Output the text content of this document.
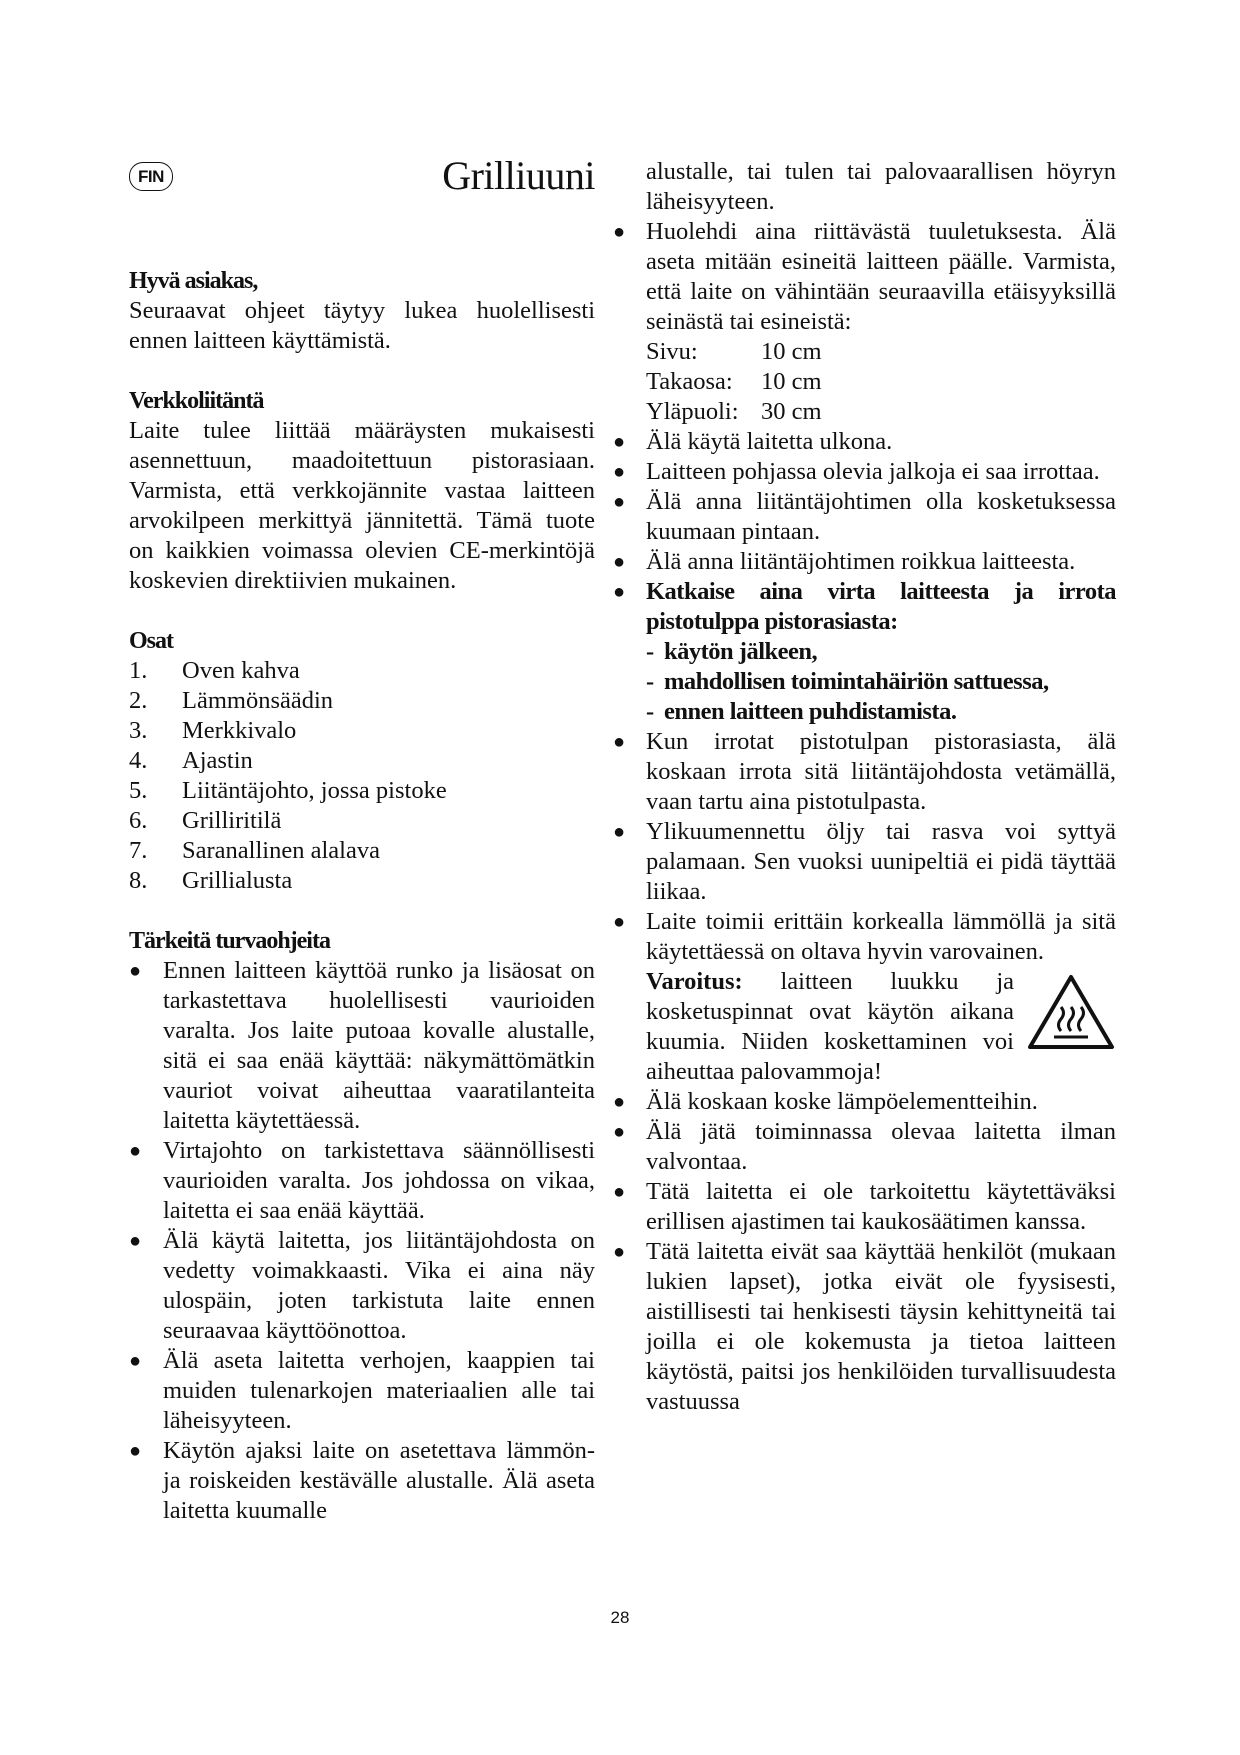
FIN	Grilliuuni
Hyvä asiakas,

Seuraavat ohjeet täytyy lukea huolellisesti ennen laitteen käyttämistä.

Verkkoliitäntä

Laite tulee liittää määräysten mukaisesti asennettuun, maadoitettuun pistorasiaan. Varmista, että verkkojännite vastaa laitteen arvokilpeen merkittyä jännitettä. Tämä tuote on kaikkien voimassa olevien CE-merkintöjä koskevien direktiivien mukainen.

Osat
1.	Oven kahva
2.	Lämmönsäädin
3.	Merkkivalo
4.	Ajastin
5.	Liitäntäjohto, jossa pistoke
6.	Grilliritilä
7.	Saranallinen alalava
8.	Grillialusta
Tärkeitä turvaohjeita
● Ennen laitteen käyttöä runko ja lisäosat on tarkastettava huolellisesti vaurioiden varalta. Jos laite putoaa kovalle alustalle, sitä ei saa enää käyttää: näkymättömätkin vauriot voivat aiheuttaa vaaratilanteita laitetta käytettäessä.
● Virtajohto on tarkistettava säännöllisesti vaurioiden varalta. Jos johdossa on vikaa, laitetta ei saa enää käyttää.
● Älä käytä laitetta, jos liitäntäjohdosta on vedetty voimakkaasti. Vika ei aina näy ulospäin, joten tarkistuta laite ennen seuraavaa käyttöönottoa.
● Älä aseta laitetta verhojen, kaappien tai muiden tulenarkojen materiaalien alle tai läheisyyteen.
● Käytön ajaksi laite on asetettava lämmön- ja roiskeiden kestävälle alustalle. Älä aseta laitetta kuumalle

alustalle, tai tulen tai palovaarallisen höyryn läheisyyteen.

● Huolehdi aina riittävästä tuuletuksesta. Älä aseta mitään esineitä laitteen päälle. Varmista, että laite on vähintään seuraavilla etäisyyksillä seinästä tai esineistä:
Sivu:	10 cm
Takaosa:	10 cm
Yläpuoli: 30 cm
● Älä käytä laitetta ulkona.
● Laitteen pohjassa olevia jalkoja ei saa irrottaa.
● Älä anna liitäntäjohtimen olla kosketuksessa kuumaan pintaan.
● Älä anna liitäntäjohtimen roikkua laitteesta.
● Katkaise aina virta laitteesta ja irrota pistotulppa pistorasiasta:
- käytön jälkeen,
- mahdollisen toimintahäiriön sattuessa,
- ennen laitteen puhdistamista.
● Kun irrotat pistotulpan pistorasiasta, älä koskaan irrota sitä liitäntäjohdosta vetämällä, vaan tartu aina pistotulpasta.
● Ylikuumennettu öljy tai rasva voi syttyä palamaan. Sen vuoksi uunipeltiä ei pidä täyttää liikaa.
● Laite toimii erittäin korkealla lämmöllä ja sitä käytettäessä on oltava hyvin varovainen.

Varoitus: laitteen luukku ja kosketuspinnat ovat käytön aikana kuumia. Niiden koskettaminen voi aiheuttaa palovammoja!

● Älä koskaan koske lämpöelementteihin.
● Älä jätä toiminnassa olevaa laitetta ilman valvontaa.
● Tätä laitetta ei ole tarkoitettu käytettäväksi erillisen ajastimen tai kaukosäätimen kanssa.
● Tätä laitetta eivät saa käyttää henkilöt (mukaan lukien lapset), jotka eivät ole fyysisesti, aistillisesti tai henkisesti täysin kehittyneitä tai joilla ei ole kokemusta ja tietoa laitteen käytöstä, paitsi jos henkilöiden turvallisuudesta vastuussa
28
